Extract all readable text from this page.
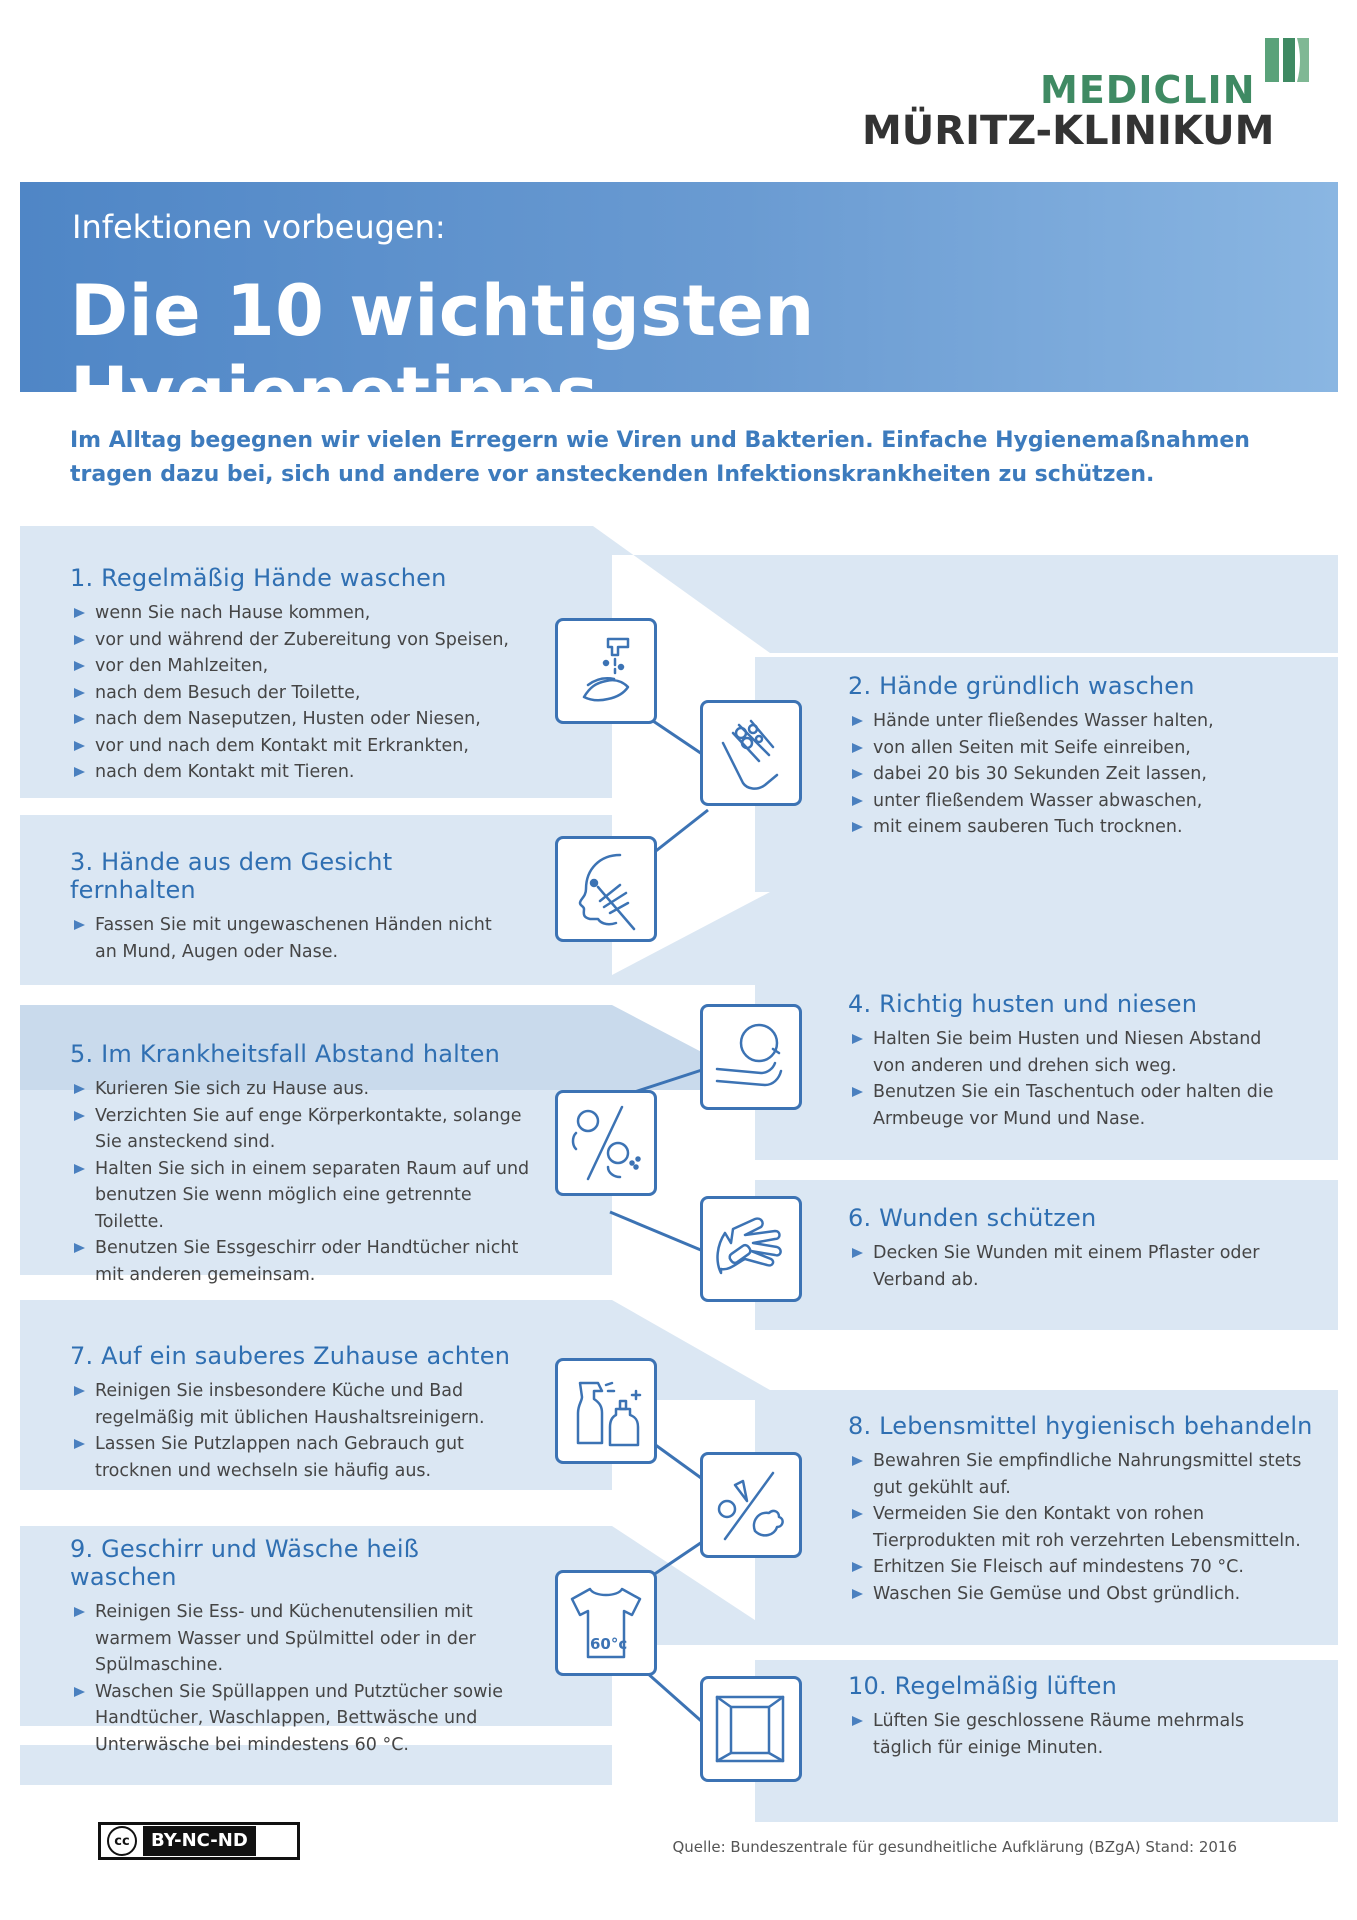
MEDICLIN
MÜRITZ-KLINIKUM
Infektionen vorbeugen:
Die 10 wichtigsten Hygienetipps
Im Alltag begegnen wir vielen Erregern wie Viren und Bakterien. Einfache Hygienemaßnahmen tragen dazu bei, sich und andere vor ansteckenden Infektionskrankheiten zu schützen.
1. Regelmäßig Hände waschen
wenn Sie nach Hause kommen,
vor und während der Zubereitung von Speisen,
vor den Mahlzeiten,
nach dem Besuch der Toilette,
nach dem Naseputzen, Husten oder Niesen,
vor und nach dem Kontakt mit Erkrankten,
nach dem Kontakt mit Tieren.
2. Hände gründlich waschen
Hände unter fließendes Wasser halten,
von allen Seiten mit Seife einreiben,
dabei 20 bis 30 Sekunden Zeit lassen,
unter fließendem Wasser abwaschen,
mit einem sauberen Tuch trocknen.
3. Hände aus dem Gesicht fernhalten
Fassen Sie mit ungewaschenen Händen nicht an Mund, Augen oder Nase.
4. Richtig husten und niesen
Halten Sie beim Husten und Niesen Abstand von anderen und drehen sich weg.
Benutzen Sie ein Taschentuch oder halten die Armbeuge vor Mund und Nase.
5. Im Krankheitsfall Abstand halten
Kurieren Sie sich zu Hause aus.
Verzichten Sie auf enge Körperkontakte, solange Sie ansteckend sind.
Halten Sie sich in einem separaten Raum auf und benutzen Sie wenn möglich eine getrennte Toilette.
Benutzen Sie Essgeschirr oder Handtücher nicht mit anderen gemeinsam.
6. Wunden schützen
Decken Sie Wunden mit einem Pflaster oder Verband ab.
7. Auf ein sauberes Zuhause achten
Reinigen Sie insbesondere Küche und Bad regelmäßig mit üblichen Haushaltsreinigern.
Lassen Sie Putzlappen nach Gebrauch gut trocknen und wechseln sie häufig aus.
8. Lebensmittel hygienisch behandeln
Bewahren Sie empfindliche Nahrungsmittel stets gut gekühlt auf.
Vermeiden Sie den Kontakt von rohen Tierprodukten mit roh verzehrten Lebensmitteln.
Erhitzen Sie Fleisch auf mindestens 70 °C.
Waschen Sie Gemüse und Obst gründlich.
9. Geschirr und Wäsche heiß waschen
Reinigen Sie Ess- und Küchenutensilien mit warmem Wasser und Spülmittel oder in der Spülmaschine.
Waschen Sie Spüllappen und Putztücher sowie Handtücher, Waschlappen, Bettwäsche und Unterwäsche bei mindestens 60 °C.
10. Regelmäßig lüften
Lüften Sie geschlossene Räume mehrmals täglich für einige Minuten.
60°c
cc	BY-NC-ND	Quelle: Bundeszentrale für gesundheitliche Aufklärung (BZgA) Stand: 2016
